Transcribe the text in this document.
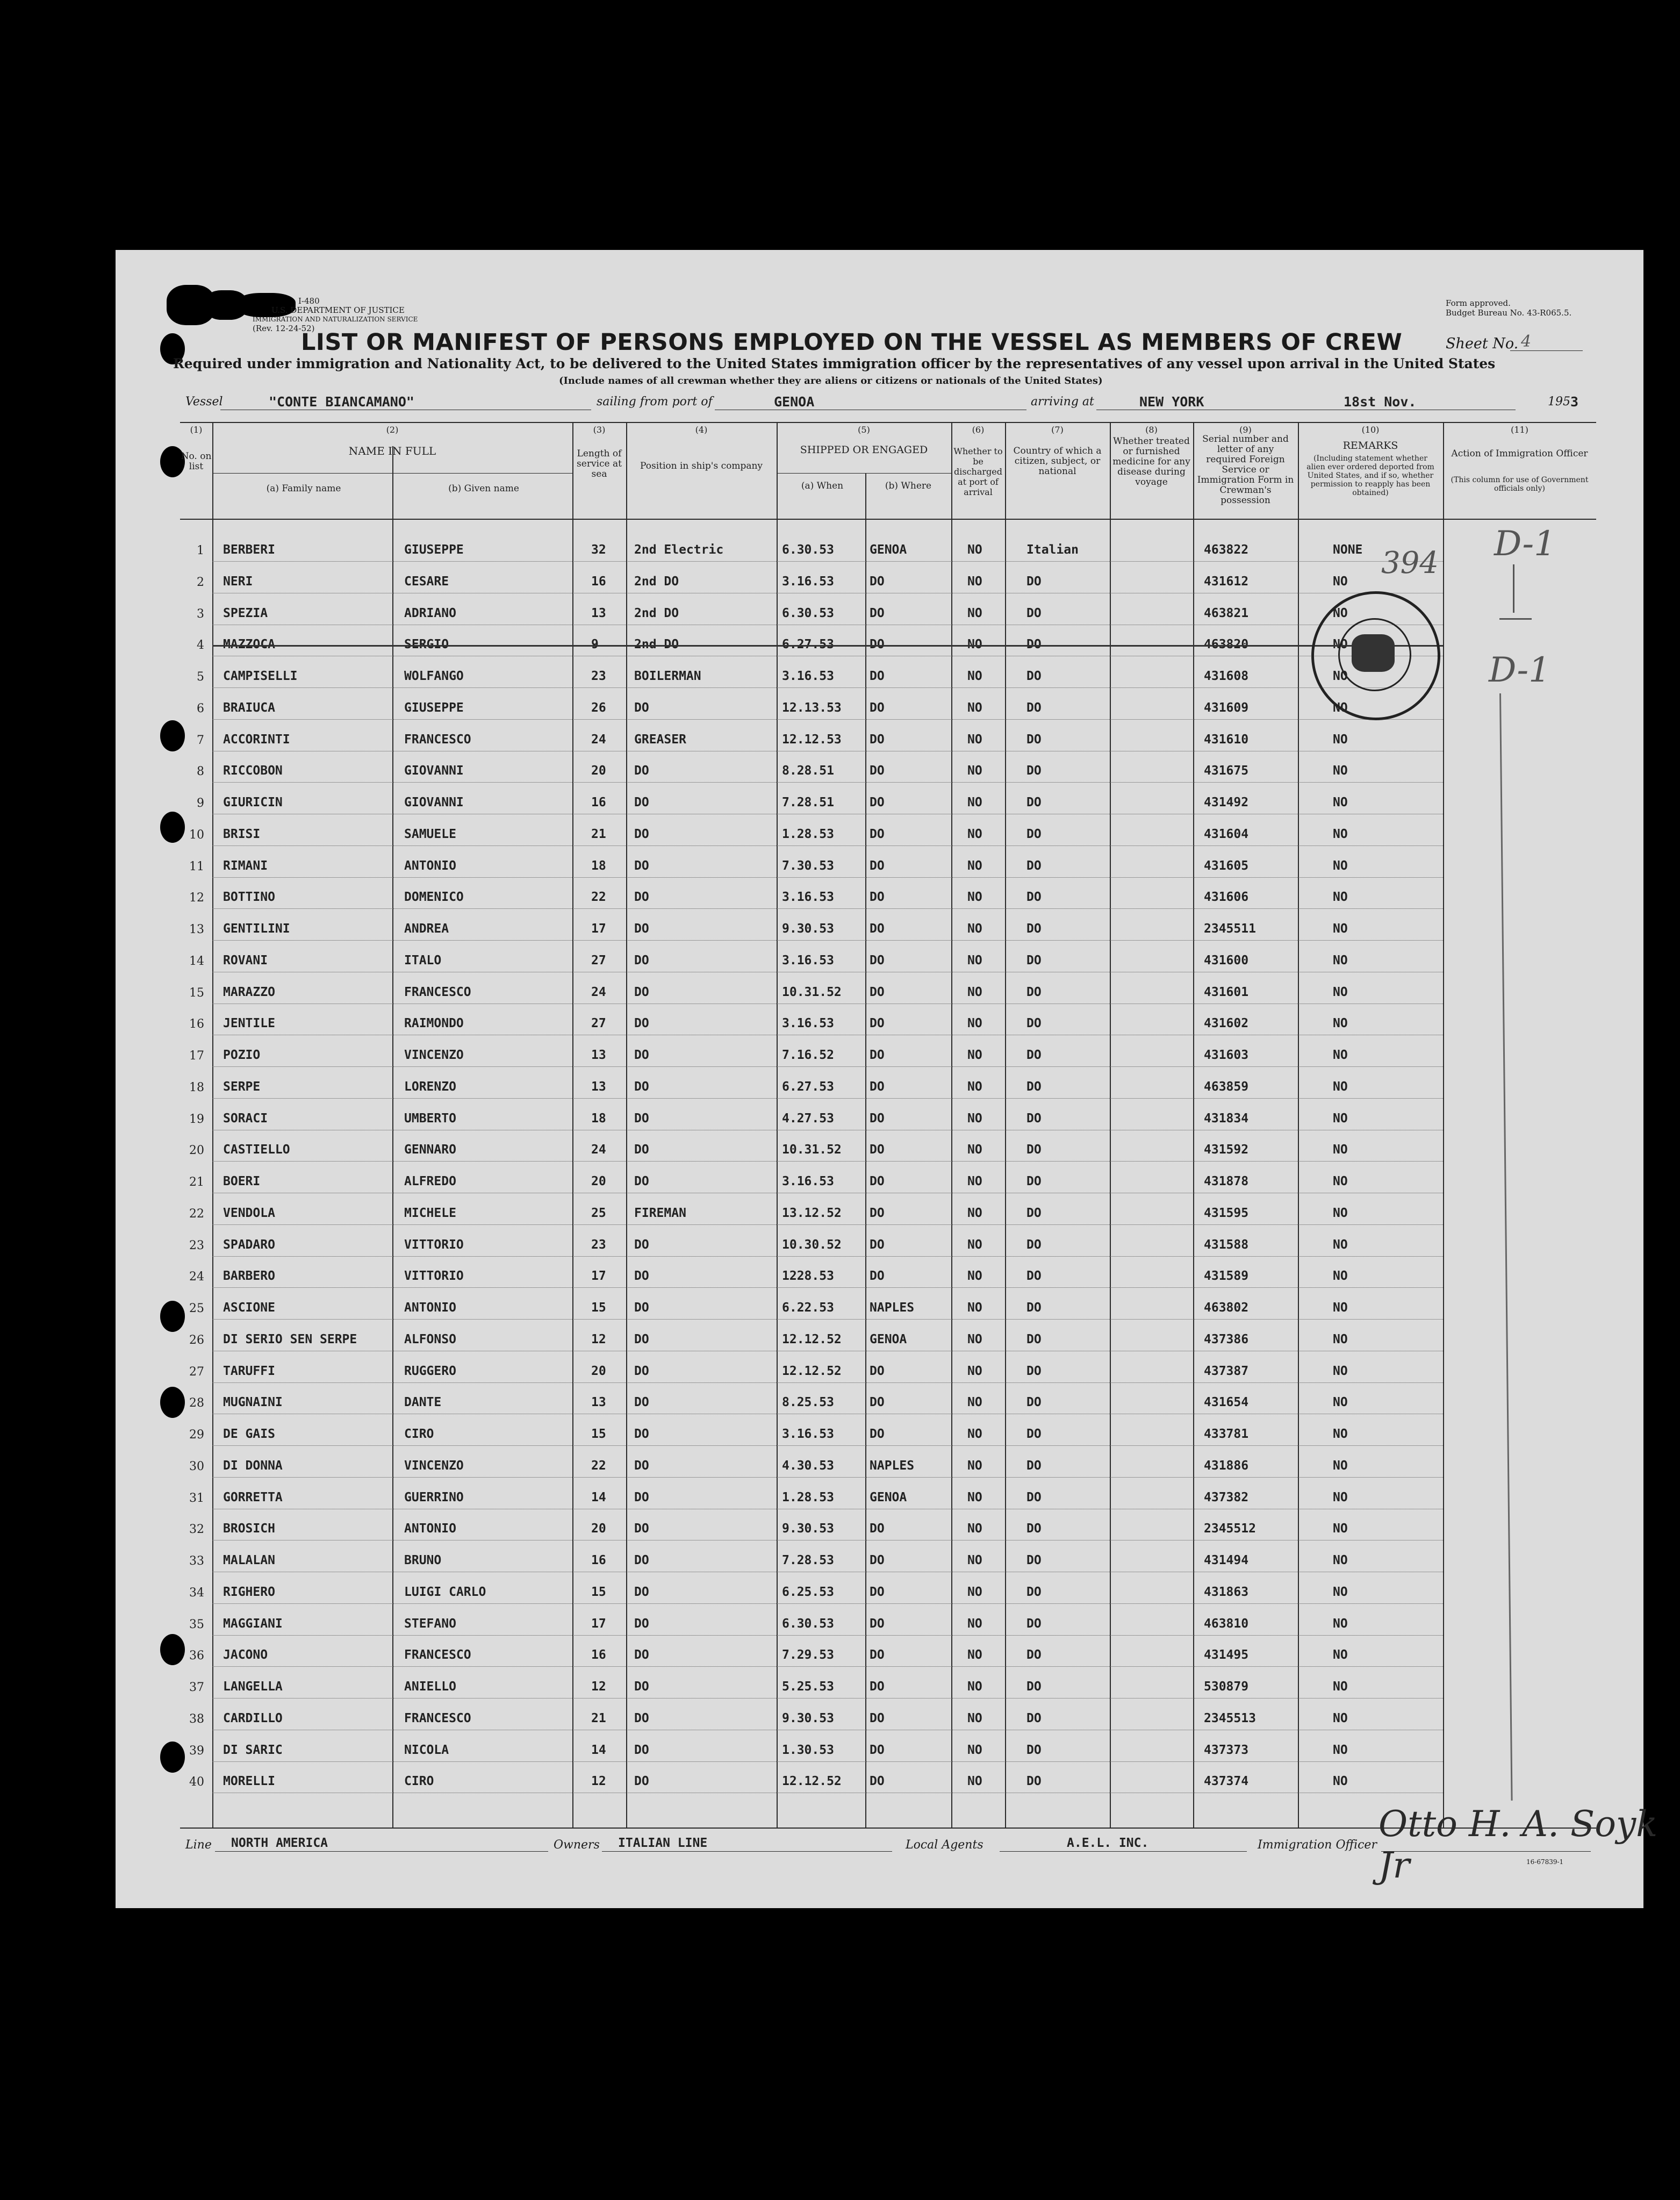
I-480
U.S. DEPARTMENT OF JUSTICE
IMMIGRATION AND NATURALIZATION SERVICE
(Rev. 12-24-52)
Form approved.
Budget Bureau No. 43-R065.5.
LIST OR MANIFEST OF PERSONS EMPLOYED ON THE VESSEL AS MEMBERS OF CREW	Sheet No. 4
Required under immigration and Nationality Act, to be delivered to the United States immigration officer by the representatives of any vessel upon arrival in the United States
(Include names of all crewman whether they are aliens or citizens or nationals of the United States)
Vessel	"CONTE BIANCAMANO"	sailing from port of	GENOA	arriving at	NEW YORK	18st Nov.	195 3
(1)
No. on list
(2)
NAME IN FULL
(a) Family name	(b) Given name
(3)
Length of service at sea
(4)
Position in ship's company
(5)
SHIPPED OR ENGAGED
(a) When	(b) Where
(6)
Whether to be discharged at port of arrival
(7)
Country of which a citizen, subject, or national
(8)
Whether treated or furnished medicine for any disease during voyage
(9)
Serial number and letter of any required Foreign Service or Immigration Form in Crewman's possession
(10)
REMARKS
(Including statement whether alien ever ordered deported from United States, and if so, whether permission to reapply has been obtained)
(11)
Action of Immigration Officer
(This column for use of Government officials only)
1 BERBERI	GIUSEPPE	32 2nd Electric	6.30.53	GENOA	NO	Italian	463822	NONE
2 NERI	CESARE	16 2nd DO	3.16.53	DO	NO	DO	431612	NO
3 SPEZIA	ADRIANO	13 2nd DO	6.30.53	DO	NO	DO	463821	NO
4 MAZZOCA	SERGIO	9	2nd DO	6.27.53	DO	NO	DO	463820	NO
5 CAMPISELLI	WOLFANGO	23 BOILERMAN	3.16.53	DO	NO	DO	431608	NO
6 BRAIUCA	GIUSEPPE	26 DO	12.13.53 DO	NO	DO	431609	NO
7 ACCORINTI	FRANCESCO	24 GREASER	12.12.53 DO	NO	DO	431610	NO
8 RICCOBON	GIOVANNI	20 DO	8.28.51	DO	NO	DO	431675	NO
9 GIURICIN	GIOVANNI	16 DO	7.28.51	DO	NO	DO	431492	NO
10 BRISI	SAMUELE	21 DO	1.28.53	DO	NO	DO	431604	NO
11 RIMANI	ANTONIO	18 DO	7.30.53	DO	NO	DO	431605	NO
12 BOTTINO	DOMENICO	22 DO	3.16.53	DO	NO	DO	431606	NO
13 GENTILINI	ANDREA	17 DO	9.30.53	DO	NO	DO	2345511	NO
14 ROVANI	ITALO	27 DO	3.16.53	DO	NO	DO	431600	NO
15 MARAZZO	FRANCESCO	24 DO	10.31.52 DO	NO	DO	431601	NO
16 JENTILE	RAIMONDO	27 DO	3.16.53	DO	NO	DO	431602	NO
17 POZIO	VINCENZO	13 DO	7.16.52	DO	NO	DO	431603	NO
18 SERPE	LORENZO	13 DO	6.27.53	DO	NO	DO	463859	NO
19 SORACI	UMBERTO	18 DO	4.27.53	DO	NO	DO	431834	NO
20 CASTIELLO	GENNARO	24 DO	10.31.52 DO	NO	DO	431592	NO
21 BOERI	ALFREDO	20 DO	3.16.53	DO	NO	DO	431878	NO
22 VENDOLA	MICHELE	25 FIREMAN	13.12.52 DO	NO	DO	431595	NO
23 SPADARO	VITTORIO	23 DO	10.30.52 DO	NO	DO	431588	NO
24 BARBERO	VITTORIO	17 DO	1228.53	DO	NO	DO	431589	NO
25 ASCIONE	ANTONIO	15 DO	6.22.53	NAPLES	NO	DO	463802	NO
26 DI SERIO SEN SERPE	ALFONSO	12 DO	12.12.52 GENOA	NO	DO	437386	NO
27 TARUFFI	RUGGERO	20 DO	12.12.52 DO	NO	DO	437387	NO
28 MUGNAINI	DANTE	13 DO	8.25.53	DO	NO	DO	431654	NO
29 DE GAIS	CIRO	15 DO	3.16.53	DO	NO	DO	433781	NO
30 DI DONNA	VINCENZO	22 DO	4.30.53	NAPLES	NO	DO	431886	NO
31 GORRETTA	GUERRINO	14 DO	1.28.53	GENOA	NO	DO	437382	NO
32 BROSICH	ANTONIO	20 DO	9.30.53	DO	NO	DO	2345512	NO
33 MALALAN	BRUNO	16 DO	7.28.53	DO	NO	DO	431494	NO
34 RIGHERO	LUIGI CARLO	15 DO	6.25.53	DO	NO	DO	431863	NO
35 MAGGIANI	STEFANO	17 DO	6.30.53	DO	NO	DO	463810	NO
36 JACONO	FRANCESCO	16 DO	7.29.53	DO	NO	DO	431495	NO
37 LANGELLA	ANIELLO	12 DO	5.25.53	DO	NO	DO	530879	NO
38 CARDILLO	FRANCESCO	21 DO	9.30.53	DO	NO	DO	2345513	NO
39 DI SARIC	NICOLA	14 DO	1.30.53	DO	NO	DO	437373	NO
40 MORELLI	CIRO	12 DO	12.12.52 DO	NO	DO	437374	NO
394 D-1
D-1
Line NORTH AMERICA	Owners ITALIAN LINE	Local Agents	A.E.L. INC.	Immigration Officer
Otto H. A. Soyk Jr	16-67839-1
